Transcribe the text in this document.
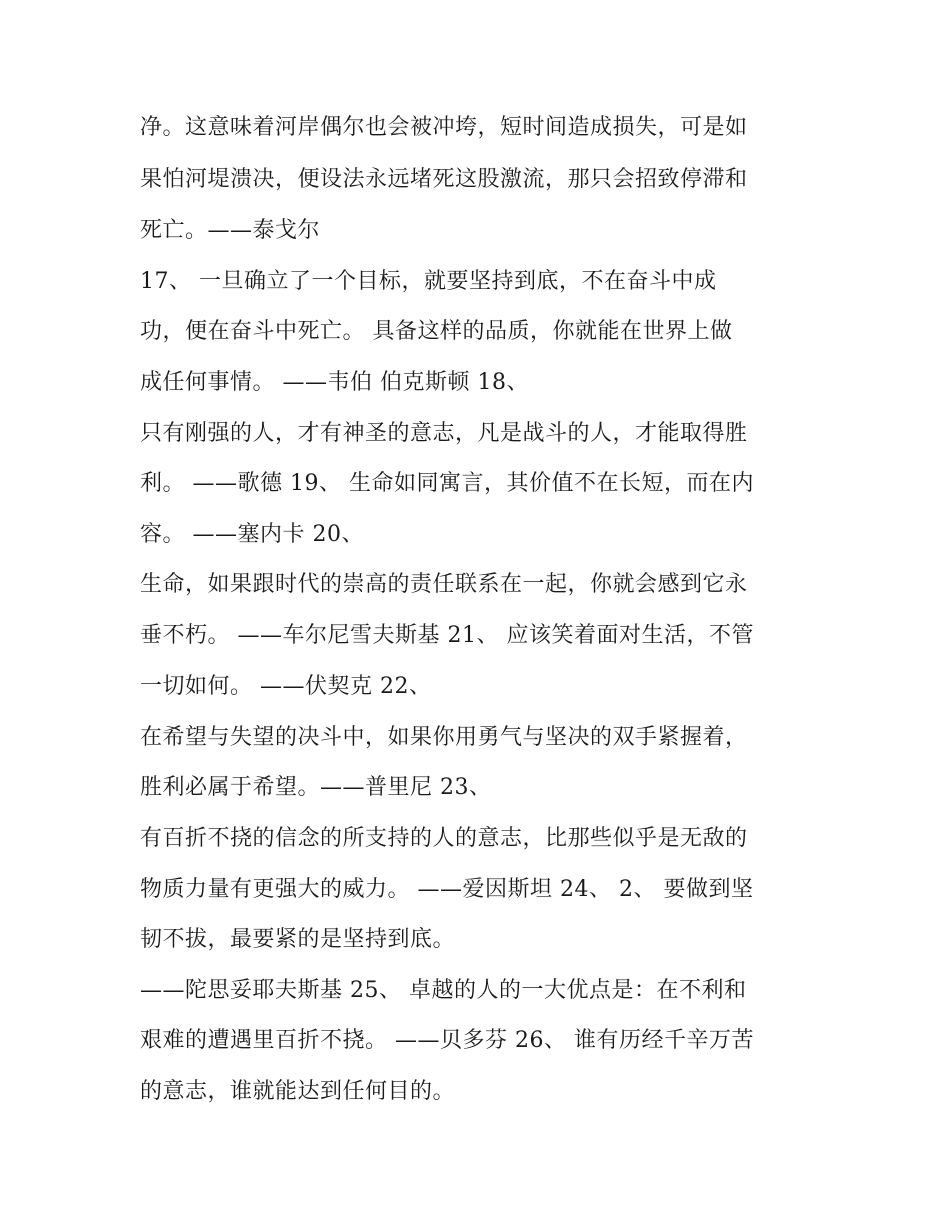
净。这意味着河岸偶尔也会被冲垮，短时间造成损失，可是如
果怕河堤溃决，便设法永远堵死这股激流，那只会招致停滞和
死亡。——泰戈尔
17、 一旦确立了一个目标，就要坚持到底，不在奋斗中成
功，便在奋斗中死亡。 具备这样的品质，你就能在世界上做
成任何事情。 ——韦伯 伯克斯顿 18、
只有刚强的人，才有神圣的意志，凡是战斗的人，才能取得胜
利。 ——歌德 19、 生命如同寓言，其价值不在长短，而在内
容。 ——塞内卡 20、
生命，如果跟时代的崇高的责任联系在一起，你就会感到它永
垂不朽。 ——车尔尼雪夫斯基 21、 应该笑着面对生活，不管
一切如何。 ——伏契克 22、
在希望与失望的决斗中，如果你用勇气与坚决的双手紧握着，
胜利必属于希望。——普里尼 23、
有百折不挠的信念的所支持的人的意志，比那些似乎是无敌的
物质力量有更强大的威力。 ——爱因斯坦 24、 2、 要做到坚
韧不拔，最要紧的是坚持到底。
——陀思妥耶夫斯基 25、 卓越的人的一大优点是：在不利和
艰难的遭遇里百折不挠。 ——贝多芬 26、 谁有历经千辛万苦
的意志，谁就能达到任何目的。
